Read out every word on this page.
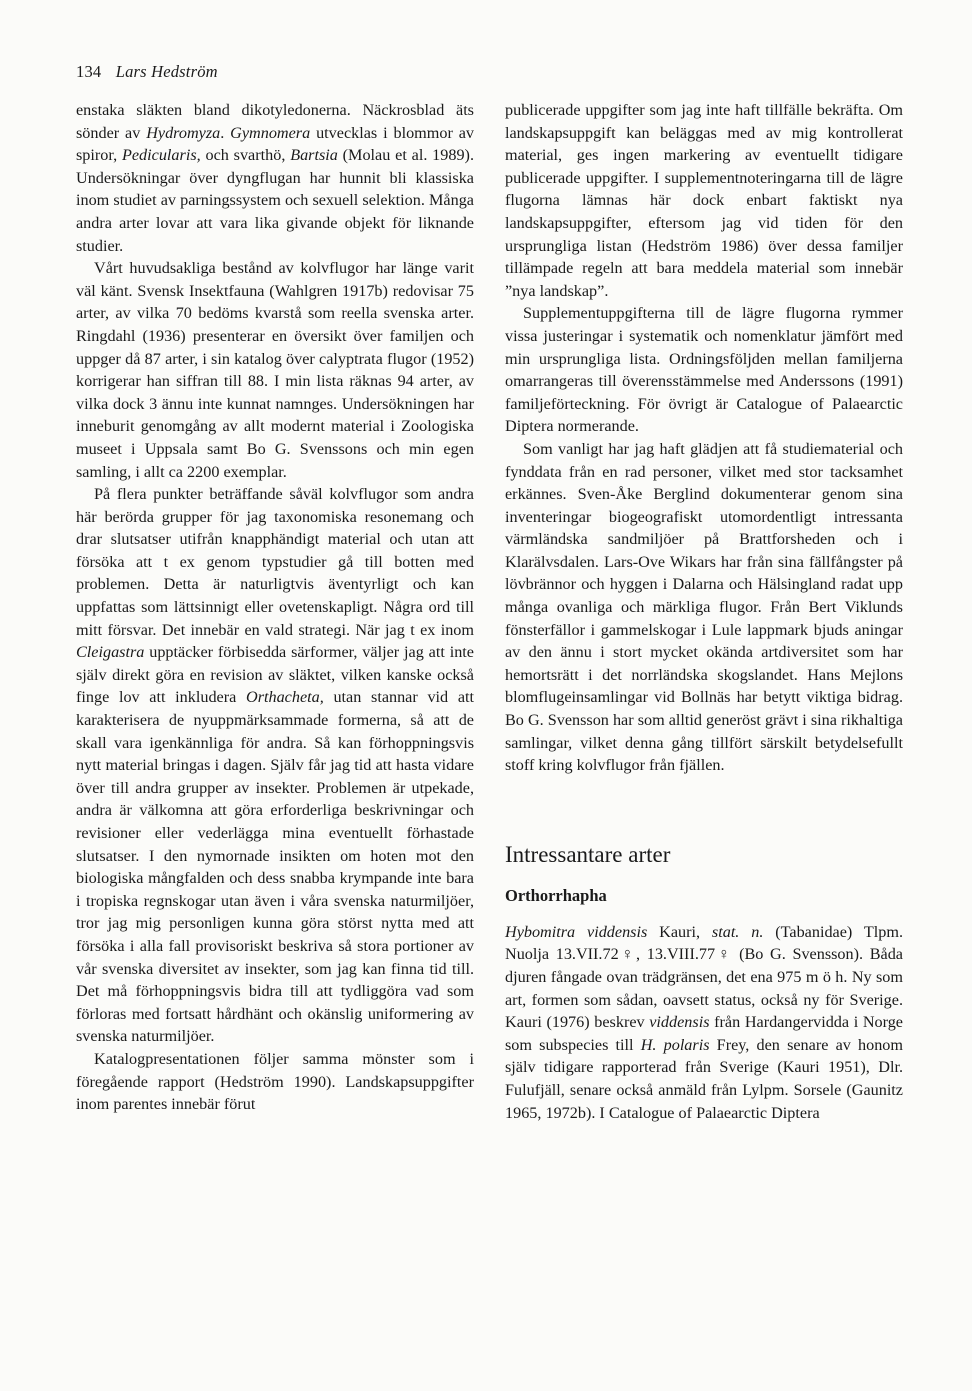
134 Lars Hedström

enstaka släkten bland dikotyledonerna. Näckrosblad äts sönder av Hydromyza. Gymnomera utvecklas i blommor av spiror, Pedicularis, och svarthö, Bartsia (Molau et al. 1989). Undersökningar över dyngflugan har hunnit bli klassiska inom studiet av parningssystem och sexuell selektion. Många andra arter lovar att vara lika givande objekt för liknande studier.

Vårt huvudsakliga bestånd av kolvflugor har länge varit väl känt. Svensk Insektfauna (Wahlgren 1917b) redovisar 75 arter, av vilka 70 bedöms kvarstå som reella svenska arter. Ringdahl (1936) presenterar en översikt över familjen och uppger då 87 arter, i sin katalog över calyptrata flugor (1952) korrigerar han siffran till 88. I min lista räknas 94 arter, av vilka dock 3 ännu inte kunnat namnges. Undersökningen har inneburit genomgång av allt modernt material i Zoologiska museet i Uppsala samt Bo G. Svenssons och min egen samling, i allt ca 2200 exemplar.

På flera punkter beträffande såväl kolvflugor som andra här berörda grupper för jag taxonomiska resonemang och drar slutsatser utifrån knapphändigt material och utan att försöka att t ex genom typstudier gå till botten med problemen. Detta är naturligtvis äventyrligt och kan uppfattas som lättsinnigt eller ovetenskapligt. Några ord till mitt försvar. Det innebär en vald strategi. När jag t ex inom Cleigastra upptäcker förbisedda särformer, väljer jag att inte själv direkt göra en revision av släktet, vilken kanske också finge lov att inkludera Orthacheta, utan stannar vid att karakterisera de nyuppmärksammade formerna, så att de skall vara igenkännliga för andra. Så kan förhoppningsvis nytt material bringas i dagen. Själv får jag tid att hasta vidare över till andra grupper av insekter. Problemen är utpekade, andra är välkomna att göra erforderliga beskrivningar och revisioner eller vederlägga mina eventuellt förhastade slutsatser. I den nymornade insikten om hoten mot den biologiska mångfalden och dess snabba krympande inte bara i tropiska regnskogar utan även i våra svenska naturmiljöer, tror jag mig personligen kunna göra störst nytta med att försöka i alla fall provisoriskt beskriva så stora portioner av vår svenska diversitet av insekter, som jag kan finna tid till. Det må förhoppningsvis bidra till att tydliggöra vad som förloras med fortsatt hårdhänt och okänslig uniformering av svenska naturmiljöer.

Katalogpresentationen följer samma mönster som i föregående rapport (Hedström 1990). Landskapsuppgifter inom parentes innebär förut

publicerade uppgifter som jag inte haft tillfälle bekräfta. Om landskapsuppgift kan beläggas med av mig kontrollerat material, ges ingen markering av eventuellt tidigare publicerade uppgifter. I supplementnoteringarna till de lägre flugorna lämnas här dock enbart faktiskt nya landskapsuppgifter, eftersom jag vid tiden för den ursprungliga listan (Hedström 1986) över dessa familjer tillämpade regeln att bara meddela material som innebär ”nya landskap”.

Supplementuppgifterna till de lägre flugorna rymmer vissa justeringar i systematik och nomenklatur jämfört med min ursprungliga lista. Ordningsföljden mellan familjerna omarrangeras till överensstämmelse med Anderssons (1991) familjeförteckning. För övrigt är Catalogue of Palaearctic Diptera normerande.

Som vanligt har jag haft glädjen att få studiematerial och fynddata från en rad personer, vilket med stor tacksamhet erkännes. Sven-Åke Berglind dokumenterar genom sina inventeringar biogeografiskt utomordentligt intressanta värmländska sandmiljöer på Brattforsheden och i Klarälvsdalen. Lars-Ove Wikars har från sina fällfångster på lövbrännor och hyggen i Dalarna och Hälsingland radat upp många ovanliga och märkliga flugor. Från Bert Viklunds fönsterfällor i gammelskogar i Lule lappmark bjuds aningar av den ännu i stort mycket okända artdiversitet som har hemortsrätt i det norrländska skogslandet. Hans Mejlons blomflugeinsamlingar vid Bollnäs har betytt viktiga bidrag. Bo G. Svensson har som alltid generöst grävt i sina rikhaltiga samlingar, vilket denna gång tillfört särskilt betydelsefullt stoff kring kolvflugor från fjällen.

Intressantare arter
Orthorrhapha

Hybomitra viddensis Kauri, stat. n. (Tabanidae) Tlpm. Nuolja 13.VII.72♀, 13.VIII.77♀ (Bo G. Svensson). Båda djuren fångade ovan trädgränsen, det ena 975 m ö h. Ny som art, formen som sådan, oavsett status, också ny för Sverige. Kauri (1976) beskrev viddensis från Hardangervidda i Norge som subspecies till H. polaris Frey, den senare av honom själv tidigare rapporterad från Sverige (Kauri 1951), Dlr. Fulufjäll, senare också anmäld från Lylpm. Sorsele (Gaunitz 1965, 1972b). I Catalogue of Palaearctic Diptera
